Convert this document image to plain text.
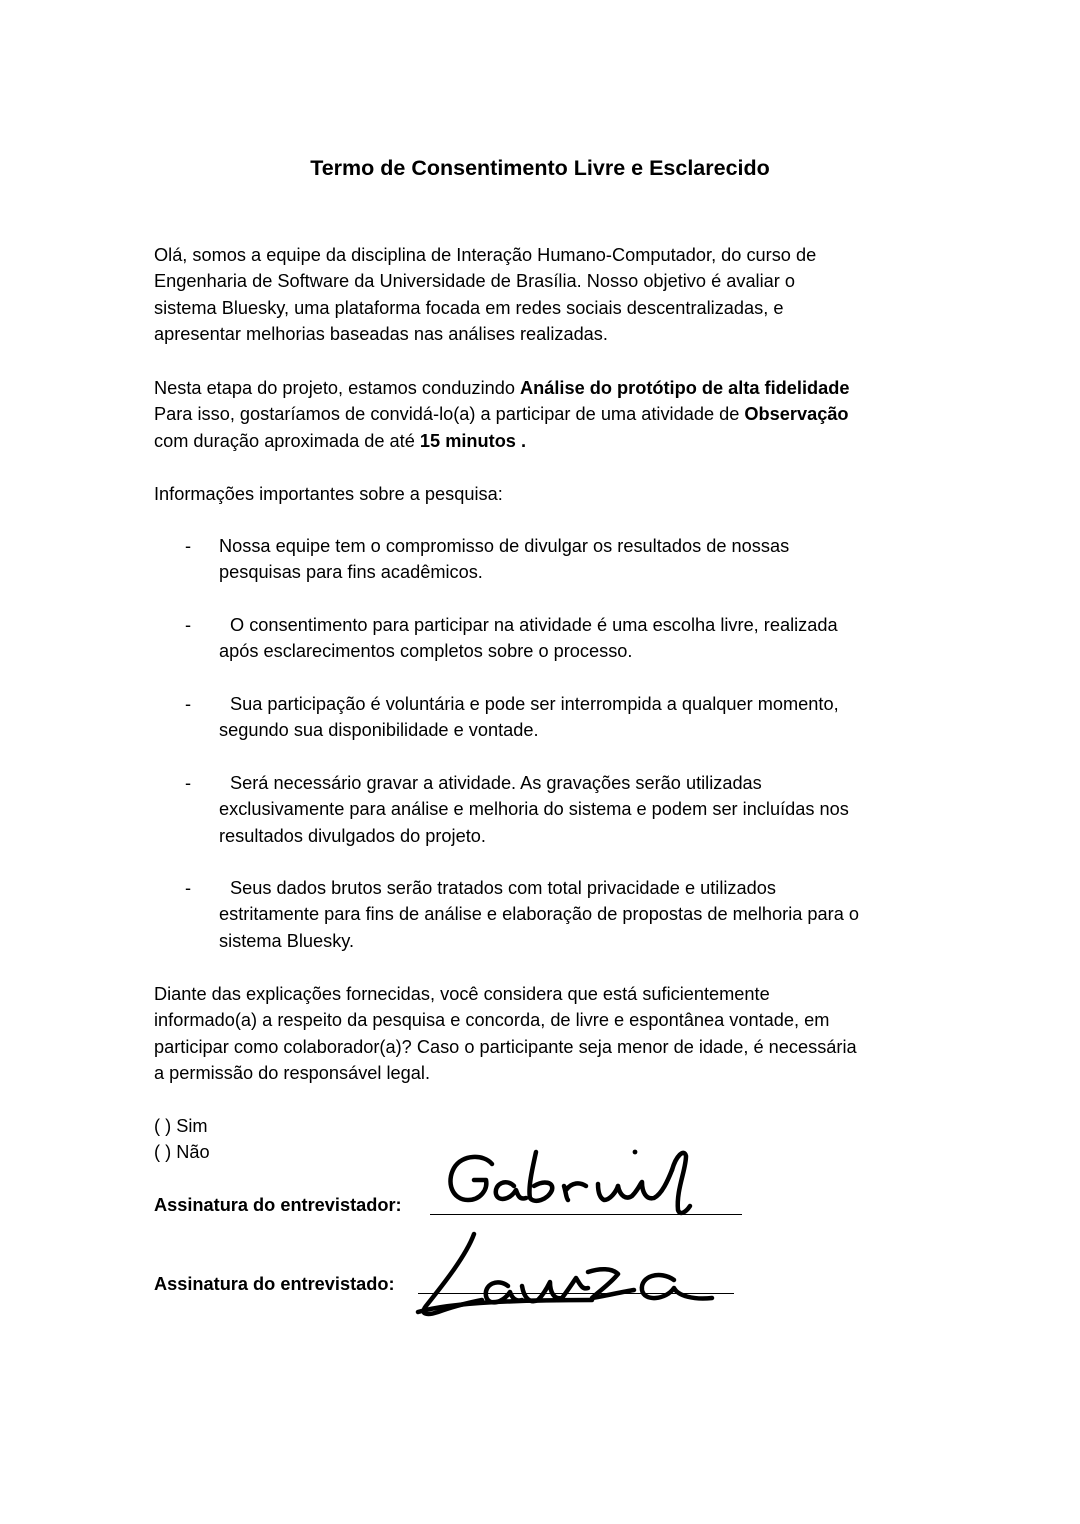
Termo de Consentimento Livre e Esclarecido
Olá, somos a equipe da disciplina de Interação Humano-Computador, do curso de
Engenharia de Software da Universidade de Brasília. Nosso objetivo é avaliar o
sistema Bluesky, uma plataforma focada em redes sociais descentralizadas, e
apresentar melhorias baseadas nas análises realizadas.
Nesta etapa do projeto, estamos conduzindo Análise do protótipo de alta fidelidade
Para isso, gostaríamos de convidá-lo(a) a participar de uma atividade de Observação
com duração aproximada de até 15 minutos .
Informações importantes sobre a pesquisa:
- Nossa equipe tem o compromisso de divulgar os resultados de nossas
pesquisas para fins acadêmicos.
-	O consentimento para participar na atividade é uma escolha livre, realizada
após esclarecimentos completos sobre o processo.
-	Sua participação é voluntária e pode ser interrompida a qualquer momento,
segundo sua disponibilidade e vontade.
-	Será necessário gravar a atividade. As gravações serão utilizadas
exclusivamente para análise e melhoria do sistema e podem ser incluídas nos
resultados divulgados do projeto.
-	Seus dados brutos serão tratados com total privacidade e utilizados
estritamente para fins de análise e elaboração de propostas de melhoria para o
sistema Bluesky.
Diante das explicações fornecidas, você considera que está suficientemente
informado(a) a respeito da pesquisa e concorda, de livre e espontânea vontade, em
participar como colaborador(a)? Caso o participante seja menor de idade, é necessária
a permissão do responsável legal.
( ) Sim
( ) Não
Assinatura do entrevistador:
Assinatura do entrevistado:
